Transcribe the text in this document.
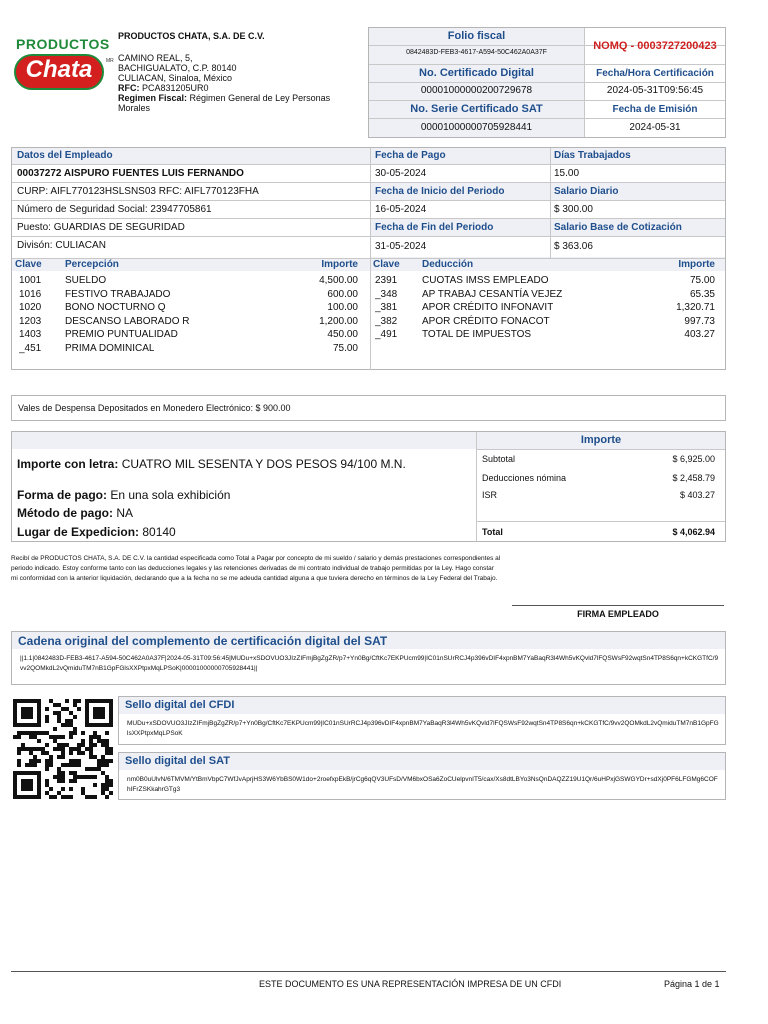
PRODUCTOS
Chata	MR
PRODUCTOS CHATA, S.A. DE C.V.
CAMINO REAL, 5,
BACHIGUALATO, C.P. 80140
CULIACAN, Sinaloa, México
RFC: PCA831205UR0
Regimen Fiscal: Régimen General de Ley Personas Morales
Folio fiscal
0842483D-FEB3-4617-A594-50C462A0A37F
No. Certificado Digital
00001000000200729678
No. Serie Certificado SAT
00001000000705928441
NOMQ - 0003727200423
Fecha/Hora Certificación
2024-05-31T09:56:45
Fecha de Emisión
2024-05-31
Datos del Empleado
00037272 AISPURO FUENTES LUIS FERNANDO
CURP: AIFL770123HSLSNS03 RFC: AIFL770123FHA
Número de Seguridad Social: 23947705861
Puesto: GUARDIAS DE SEGURIDAD
Divisón: CULIACAN
Fecha de Pago
30-05-2024
Fecha de Inicio del Periodo
16-05-2024
Fecha de Fin del Periodo
31-05-2024
Días Trabajados
15.00
Salario Diario
$ 300.00
Salario Base de Cotización
$ 363.06
Clave Percepción	Importe Clave Deducción	Importe
1001 SUELDO	4,500.00
1016 FESTIVO TRABAJADO	600.00
1020 BONO NOCTURNO Q	100.00
1203 DESCANSO LABORADO R	1,200.00
1403 PREMIO PUNTUALIDAD	450.00
_451 PRIMA DOMINICAL	75.00
2391 CUOTAS IMSS EMPLEADO	75.00
_348 AP TRABAJ CESANTÍA VEJEZ	65.35
_381 APOR CRÉDITO INFONAVIT	1,320.71
_382 APOR CRÉDITO FONACOT	997.73
_491 TOTAL DE IMPUESTOS	403.27
Vales de Despensa Depositados en Monedero Electrónico: $ 900.00
Importe
Subtotal	$ 6,925.00
Deducciones nómina	$ 2,458.79
ISR	$ 403.27
Total	$ 4,062.94
Importe con letra: CUATRO MIL SESENTA Y DOS PESOS 94/100 M.N.
Forma de pago: En una sola exhibición
Método de pago: NA
Lugar de Expedicion: 80140
Recibí de PRODUCTOS CHATA, S.A. DE C.V. la cantidad especificada como Total a Pagar por concepto de mi sueldo / salario y demás prestaciones correspondientes al periodo indicado. Estoy conforme tanto con las deducciones legales y las retenciones derivadas de mi contrato individual de trabajo permitidas por la Ley. Hago constar mi conformidad con la anterior liquidación, declarando que a la fecha no se me adeuda cantidad alguna a que tuviera derecho en términos de la Ley Federal del Trabajo.
FIRMA EMPLEADO
Cadena original del complemento de certificación digital del SAT
||1.1|0842483D-FEB3-4617-A594-50C462A0A37F|2024-05-31T09:56:45|MUDu+xSDOVUO3JIzZIFmjBgZgZR/p7+Yn0Bg/CftKc7EKPUcm99|IC01nSUrRCJ4p396vDIF4xpnBM7YaBaqR3l4Wh5vKQvld7lFQSWsF92wqtSn4TP8S6qn+kCKGTfC/9vv2QOMkdL2vQmiduTM7nB1GpFGlsXXPtpxMqLPSoK|00001000000705928441||
Sello digital del CFDI
MUDu+xSDOVUO3JIzZIFmjBgZgZR/p7+Yn0Bg/CftKc7EKPUcm99|IC01nSUrRCJ4p396vDIF4xpnBM7YaBaqR3l4Wh5vKQvld7lFQSWsF92wqtSn4TP8S6qn+kCKGTfC/9vv2QOMkdL2vQmiduTM7nB1GpFGlsXXPtpxMqLPSoK
Sello digital del SAT
nm0B0uUlvN/6TMVM/YtBmVbpC7WfJvAprjHS3W6YbBS0W1do+2roefxpEkB/jrCg6qQV3UFsD/VM6bxOSa6ZoCUelpvnIT5/cax/Xs8dtLBYo3NsQnDAQZZ19U1Qr/6uHPxjGSWGYDr+sdXj0PF6LFGMg6COFhIFrZSKkahrGTg3
ESTE DOCUMENTO ES UNA REPRESENTACIÓN IMPRESA DE UN CFDI	Página 1 de 1
